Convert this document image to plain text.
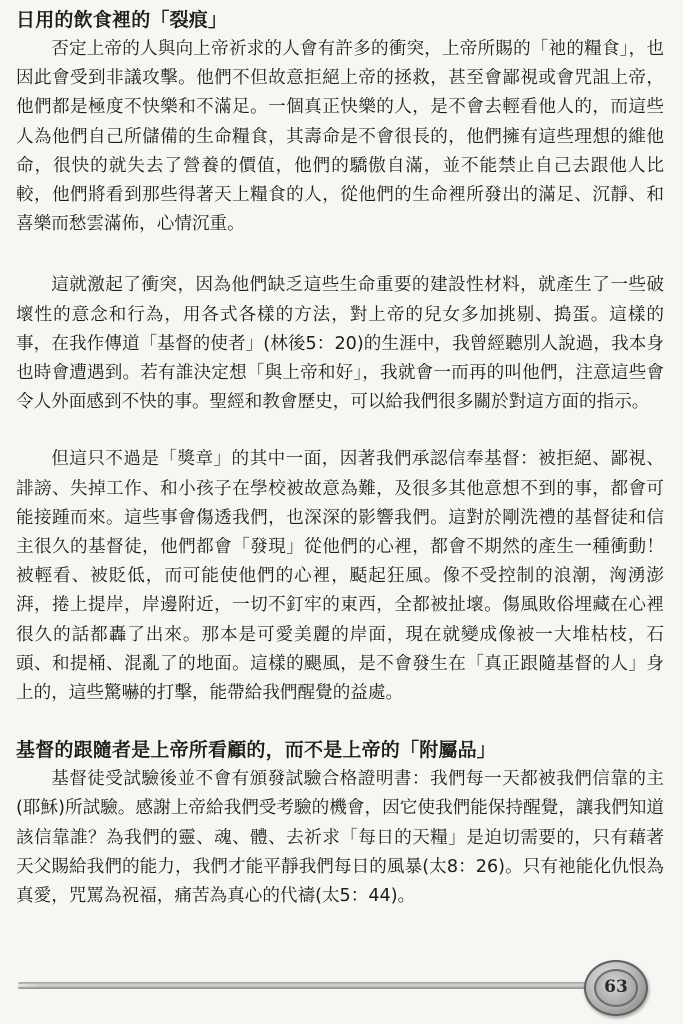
日用的飲食裡的「裂痕」

否定上帝的人與向上帝祈求的人會有許多的衝突，上帝所賜的「祂的糧食」，也因此會受到非議攻擊。他們不但故意拒絕上帝的拯救，甚至會鄙視或會咒詛上帝，他們都是極度不快樂和不滿足。一個真正快樂的人，是不會去輕看他人的，而這些人為他們自己所儲備的生命糧食，其壽命是不會很長的，他們擁有這些理想的維他命，很快的就失去了營養的價值，他們的驕傲自滿，並不能禁止自己去跟他人比較，他們將看到那些得著天上糧食的人，從他們的生命裡所發出的滿足、沉靜、和喜樂而愁雲滿佈，心情沉重。

這就激起了衝突，因為他們缺乏這些生命重要的建設性材料，就產生了一些破壞性的意念和行為，用各式各樣的方法，對上帝的兒女多加挑剔、搗蛋。這樣的事，在我作傳道「基督的使者」(林後5：20)的生涯中，我曾經聽別人說過，我本身也時會遭遇到。若有誰決定想「與上帝和好」，我就會一而再的叫他們，注意這些會令人外面感到不快的事。聖經和教會歷史，可以給我們很多關於對這方面的指示。

但這只不過是「獎章」的其中一面，因著我們承認信奉基督：被拒絕、鄙視、誹謗、失掉工作、和小孩子在學校被故意為難，及很多其他意想不到的事，都會可能接踵而來。這些事會傷透我們，也深深的影響我們。這對於剛洗禮的基督徒和信主很久的基督徒，他們都會「發現」從他們的心裡，都會不期然的產生一種衝動！被輕看、被貶低，而可能使他們的心裡，颳起狂風。像不受控制的浪潮，洶湧澎湃，捲上提岸，岸邊附近，一切不釘牢的東西，全都被扯壞。傷風敗俗埋藏在心裡很久的話都轟了出來。那本是可愛美麗的岸面，現在就變成像被一大堆枯枝，石頭、和提桶、混亂了的地面。這樣的颶風，是不會發生在「真正跟隨基督的人」身上的，這些驚嚇的打擊，能帶給我們醒覺的益處。

基督的跟隨者是上帝所看顧的，而不是上帝的「附屬品」

基督徒受試驗後並不會有頒發試驗合格證明書：我們每一天都被我們信靠的主(耶穌)所試驗。感謝上帝給我們受考驗的機會，因它使我們能保持醒覺，讓我們知道該信靠誰？為我們的靈、魂、體、去祈求「每日的天糧」是迫切需要的，只有藉著天父賜給我們的能力，我們才能平靜我們每日的風暴(太8：26)。只有祂能化仇恨為真愛，咒罵為祝福，痛苦為真心的代禱(太5：44)。

63
